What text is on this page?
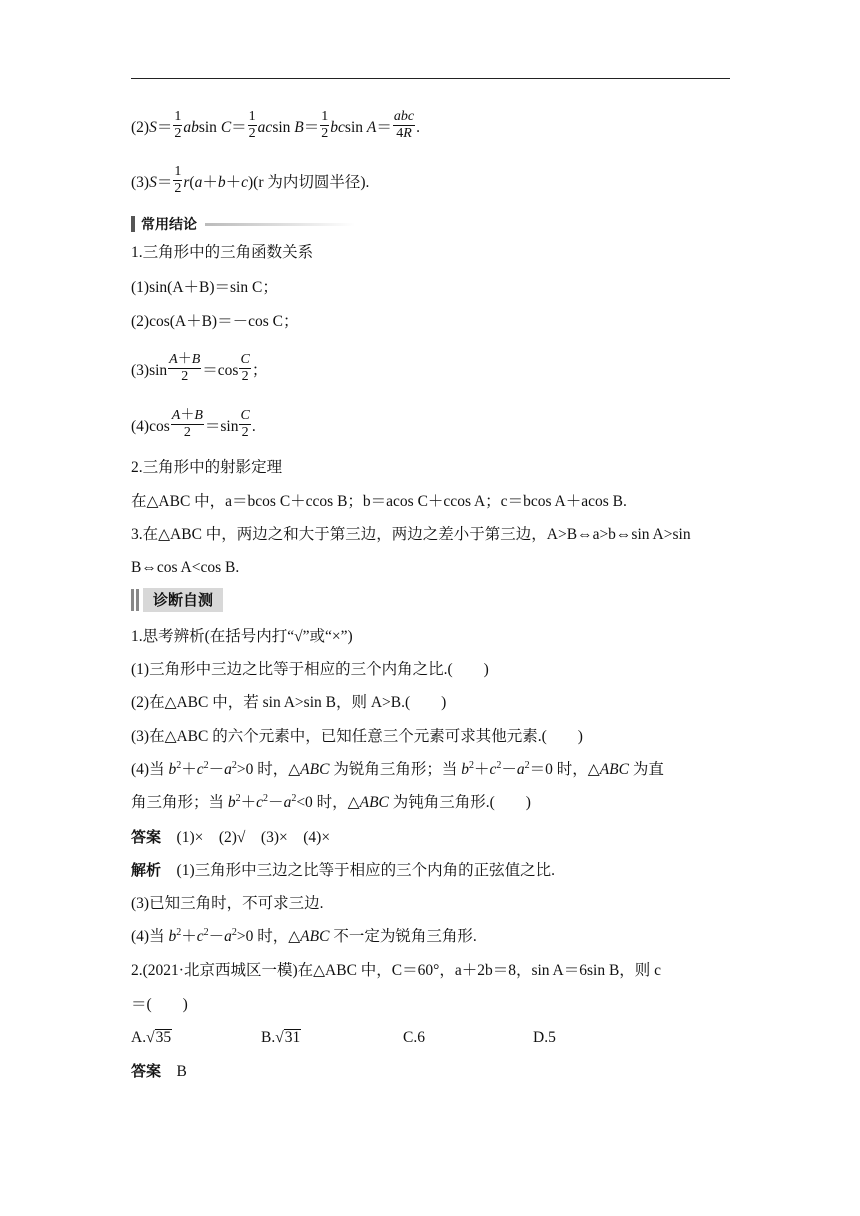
$(2)S= \frac{1}{2}$ absin $C= \frac{1}{2}$ acsin $B= \frac{1}{2}$ bcsin $A= \frac{\text{abc}}{4R}$ .
$(3)S= \frac{1}{2} r(a+b+c)(r$ 为内切圆半径).
常用结论
1.三角形中的三角函数关系
(1)sin(A＋B)＝sin C；
(2)cos(A＋B)＝－cos C；
$(3)\sin \frac{A+B}{2} =\cos \frac{C}{2}$ ；
$(4)\cos \frac{A+B}{2} =\sin \frac{C}{2}$ .
2.三角形中的射影定理
在△ABC 中，a＝bcos C＋ccos B；b＝acos C＋ccos A；c＝bcos A＋acos B.
3.在△ABC 中，两边之和大于第三边，两边之差小于第三边，A>B⇔a>b⇔sin A>sin
B⇔cos A<cos B.
诊断自测
1.思考辨析(在括号内打“√”或“×”)
(1)三角形中三边之比等于相应的三个内角之比.(　　)
(2)在△ABC 中，若 sin A>sin B，则 A>B.(　　)
(3)在△ABC 的六个元素中，已知任意三个元素可求其他元素.(　　)
(4)当 $b^2+c^2-a^2>0$ 时，△ABC 为锐角三角形；当 $b^2+c^2-a^2=0$ 时，△ABC 为直
角三角形；当 $b^2+c^2-a^2<0$ 时，△ABC 为钝角三角形.(　　)
答案　 (1)×　(2)√　(3)×　(4)×
解析　 (1)三角形中三边之比等于相应的三个内角的正弦值之比.
(3)已知三角时，不可求三边.
(4)当 $b^2+c^2-a^2>0$ 时，△ABC 不一定为锐角三角形.
2.(2021·北京西城区一模)在△ABC 中，C＝60°，a＋2b＝8，sin A＝6sin B，则 c
＝(　　)
A.√35	B.√31	C.6	D.5
答案　 B
